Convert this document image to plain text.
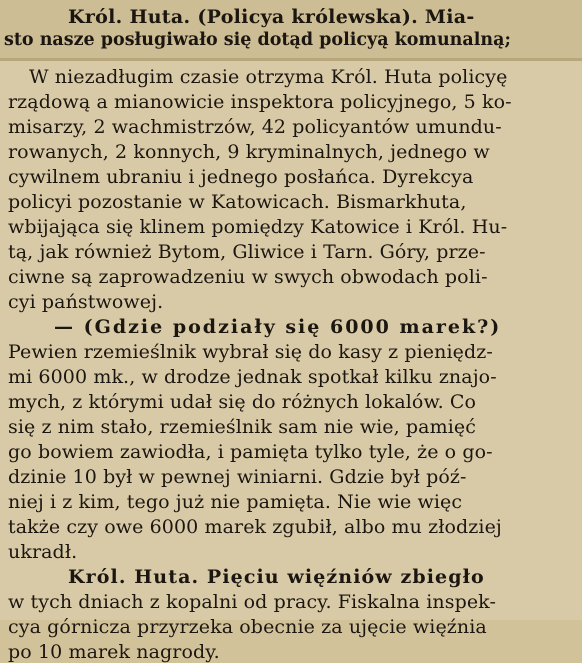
Król. Huta. (Policya królewska). Mia-
sto nasze posługiwało się dotąd policyą komunalną;
W niezadługim czasie otrzyma Król. Huta policyę
rządową a mianowicie inspektora policyjnego, 5 ko-
misarzy, 2 wachmistrzów, 42 policyantów umundu-
rowanych, 2 konnych, 9 kryminalnych, jednego w
cywilnem ubraniu i jednego posłańca. Dyrekcya
policyi pozostanie w Katowicach. Bismarkhuta,
wbijająca się klinem pomiędzy Katowice i Król. Hu-
tą, jak również Bytom, Gliwice i Tarn. Góry, prze-
ciwne są zaprowadzeniu w swych obwodach poli-
cyi państwowej.
— (Gdzie podziały się 6000 marek?)
Pewien rzemieślnik wybrał się do kasy z pieniędz-
mi 6000 mk., w drodze jednak spotkał kilku znajo-
mych, z którymi udał się do różnych lokalów. Co
się z nim stało, rzemieślnik sam nie wie, pamięć
go bowiem zawiodła, i pamięta tylko tyle, że o go-
dzinie 10 był w pewnej winiarni. Gdzie był póź-
niej i z kim, tego już nie pamięta. Nie wie więc
także czy owe 6000 marek zgubił, albo mu złodziej
ukradł.
Król. Huta. Pięciu więźniów zbiegło
w tych dniach z kopalni od pracy. Fiskalna inspek-
cya górnicza przyrzeka obecnie za ujęcie więźnia
po 10 marek nagrody.
